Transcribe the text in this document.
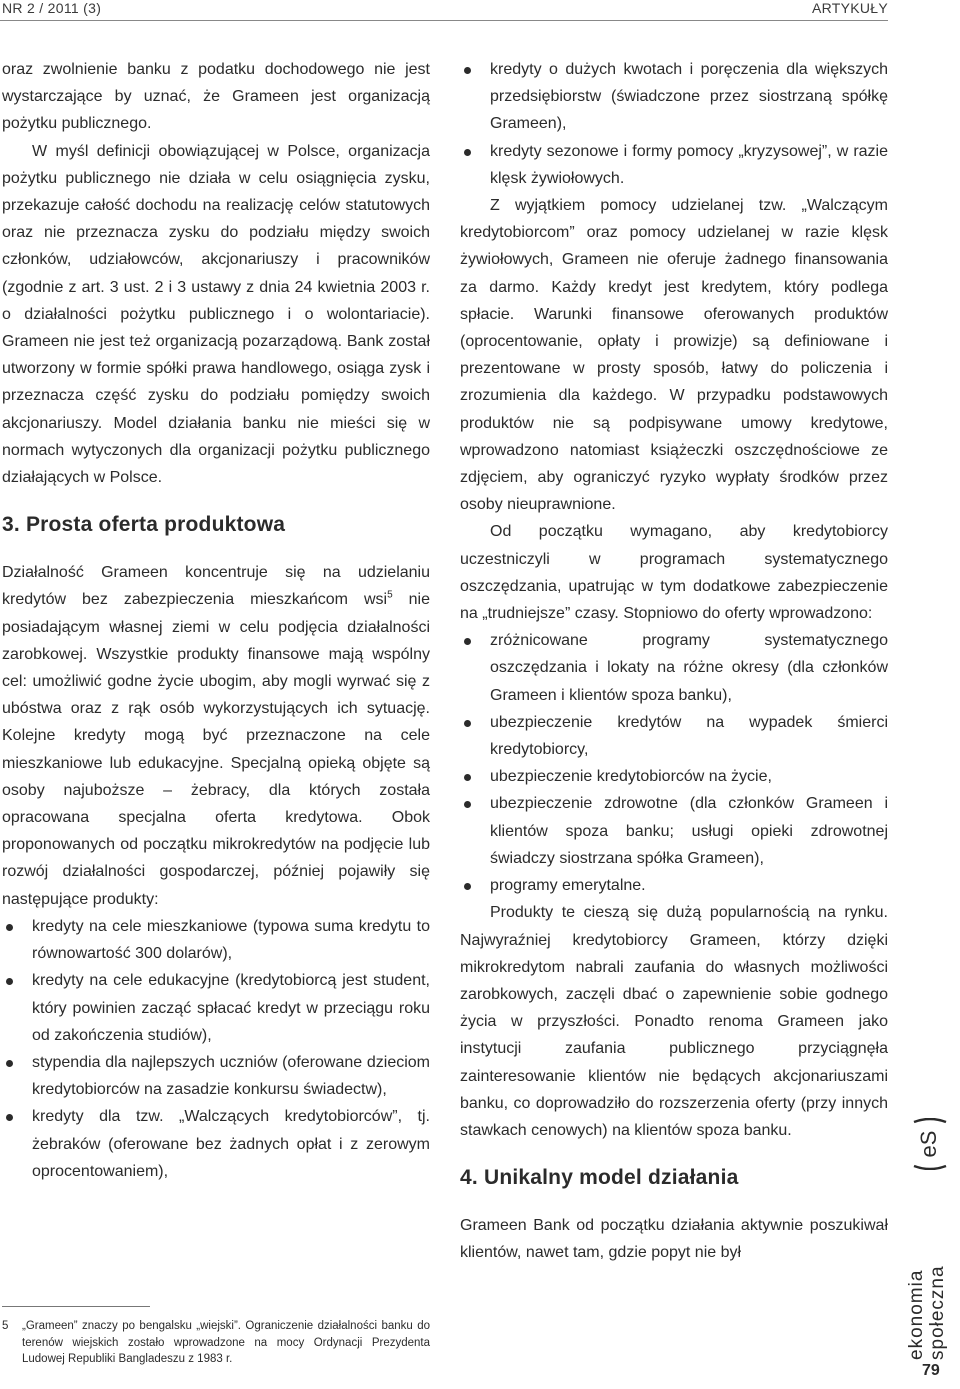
NR 2 / 2011 (3)	ARTYKUŁY

oraz zwolnienie banku z podatku dochodowego nie jest wystarczające by uznać, że Grameen jest organizacją pożytku publicznego.

W myśl definicji obowiązującej w Polsce, organizacja pożytku publicznego nie działa w celu osiągnięcia zysku, przekazuje całość dochodu na realizację celów statutowych oraz nie przeznacza zysku do podziału między swoich członków, udziałowców, akcjonariuszy i pracowników (zgodnie z art. 3 ust. 2 i 3 ustawy z dnia 24 kwietnia 2003 r. o działalności pożytku publicznego i o wolontariacie). Grameen nie jest też organizacją pozarządową. Bank został utworzony w formie spółki prawa handlowego, osiąga zysk i przeznacza część zysku do podziału pomiędzy swoich akcjonariuszy. Model działania banku nie mieści się w normach wytyczonych dla organizacji pożytku publicznego działających w Polsce.

3. Prosta oferta produktowa

Działalność Grameen koncentruje się na udzielaniu kredytów bez zabezpieczenia mieszkańcom wsi$^5$ nie posiadającym własnej ziemi w celu podjęcia działalności zarobkowej. Wszystkie produkty finansowe mają wspólny cel: umożliwić godne życie ubogim, aby mogli wyrwać się z ubóstwa oraz z rąk osób wykorzystujących ich sytuację. Kolejne kredyty mogą być przeznaczone na cele mieszkaniowe lub edukacyjne. Specjalną opieką objęte są osoby najuboższe – żebracy, dla których została opracowana specjalna oferta kredytowa. Obok proponowanych od początku mikrokredytów na podjęcie lub rozwój działalności gospodarczej, później pojawiły się następujące produkty:

kredyty na cele mieszkaniowe (typowa suma kredytu to równowartość 300 dolarów),
kredyty na cele edukacyjne (kredytobiorcą jest student, który powinien zacząć spłacać kredyt w przeciągu roku od zakończenia studiów),
stypendia dla najlepszych uczniów (oferowane dzieciom kredytobiorców na zasadzie konkursu świadectw),
kredyty dla tzw. „Walczących kredytobiorców”, tj. żebraków (oferowane bez żadnych opłat i z zerowym oprocentowaniem),
5 „Grameen” znaczy po bengalsku „wiejski”. Ograniczenie działalności banku do terenów wiejskich zostało wprowadzone na mocy Ordynacji Prezydenta Ludowej Republiki Bangladeszu z 1983 r.
kredyty o dużych kwotach i poręczenia dla większych przedsiębiorstw (świadczone przez siostrzaną spółkę Grameen),
kredyty sezonowe i formy pomocy „kryzysowej”, w razie klęsk żywiołowych.

Z wyjątkiem pomocy udzielanej tzw. „Walczącym kredytobiorcom” oraz pomocy udzielanej w razie klęsk żywiołowych, Grameen nie oferuje żadnego finansowania za darmo. Każdy kredyt jest kredytem, który podlega spłacie. Warunki finansowe oferowanych produktów (oprocentowanie, opłaty i prowizje) są definiowane i prezentowane w prosty sposób, łatwy do policzenia i zrozumienia dla każdego. W przypadku podstawowych produktów nie są podpisywane umowy kredytowe, wprowadzono natomiast książeczki oszczędnościowe ze zdjęciem, aby ograniczyć ryzyko wypłaty środków przez osoby nieuprawnione.

Od początku wymagano, aby kredytobiorcy uczestniczyli w programach systematycznego oszczędzania, upatrując w tym dodatkowe zabezpieczenie na „trudniejsze” czasy. Stopniowo do oferty wprowadzono:

zróżnicowane programy systematycznego oszczędzania i lokaty na różne okresy (dla członków Grameen i klientów spoza banku),
ubezpieczenie kredytów na wypadek śmierci kredytobiorcy,
ubezpieczenie kredytobiorców na życie,
ubezpieczenie zdrowotne (dla członków Grameen i klientów spoza banku; usługi opieki zdrowotnej świadczy siostrzana spółka Grameen),
programy emerytalne.

Produkty te cieszą się dużą popularnością na rynku. Najwyraźniej kredytobiorcy Grameen, którzy dzięki mikrokredytom nabrali zaufania do własnych możliwości zarobkowych, zaczęli dbać o zapewnienie sobie godnego życia w przyszłości. Ponadto renoma Grameen jako instytucji zaufania publicznego przyciągnęła zainteresowanie klientów nie będących akcjonariuszami banku, co doprowadziło do rozszerzenia oferty (przy innych stawkach cenowych) na klientów spoza banku.

4. Unikalny model działania

Grameen Bank od początku działania aktywnie poszukiwał klientów, nawet tam, gdzie popyt nie był

ekonomia społeczna
eS
79
